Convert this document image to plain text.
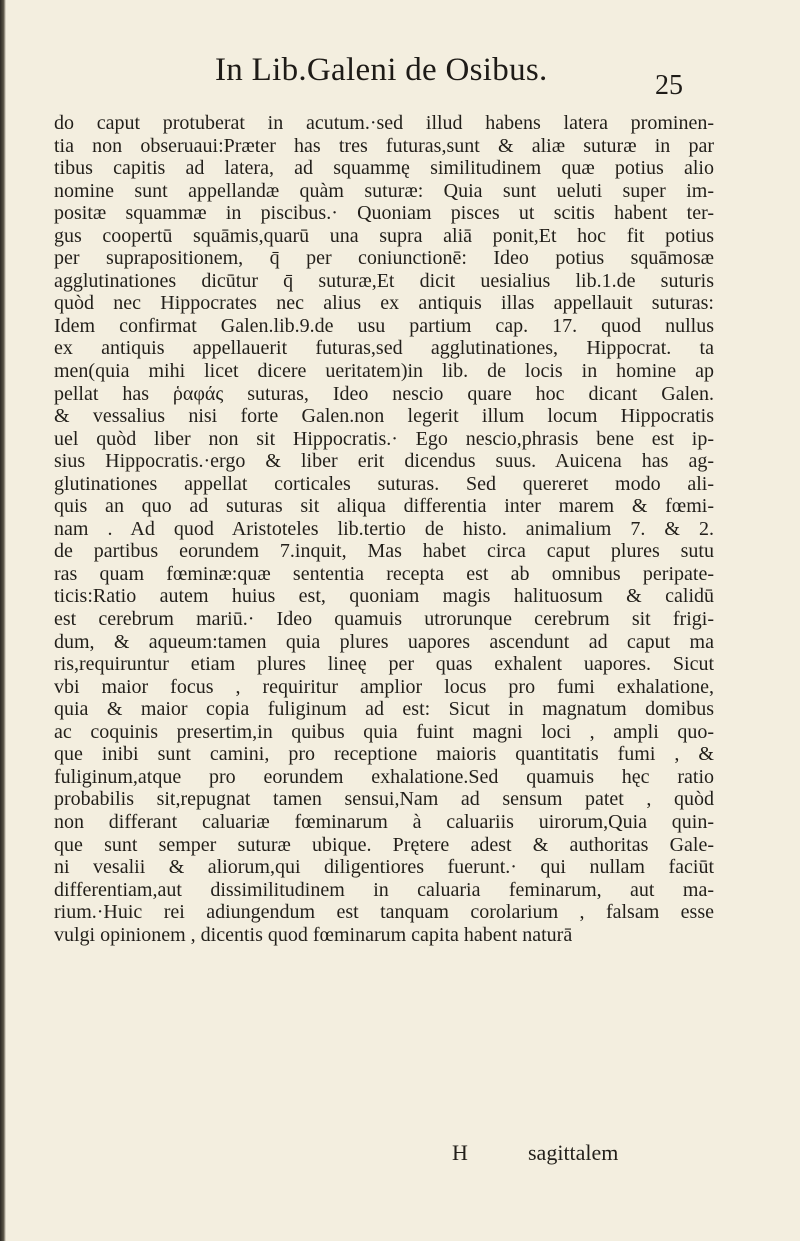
In Lib.Galeni de Osibus.	25
do caput protuberat in acutum.·sed illud habens latera prominen-
tia non obseruaui:Præter has tres futuras,sunt & aliæ suturæ in par
tibus capitis ad latera, ad squammę similitudinem quæ potius alio
nomine sunt appellandæ quàm suturæ: Quia sunt ueluti super im-
positæ squammæ in piscibus.· Quoniam pisces ut scitis habent ter-
gus coopertū squāmis,quarū una supra aliā ponit,Et hoc fit potius
per suprapositionem, q̄ per coniunctionē: Ideo potius squāmosæ
agglutinationes dicūtur q̄ suturæ,Et dicit uesialius lib.1.de suturis
quòd nec Hippocrates nec alius ex antiquis illas appellauit suturas:
Idem confirmat Galen.lib.9.de usu partium cap. 17. quod nullus
ex antiquis appellauerit futuras,sed agglutinationes, Hippocrat. ta
men(quia mihi licet dicere ueritatem)in lib. de locis in homine ap
pellat has ῥαφάς suturas, Ideo nescio quare hoc dicant Galen.
& vessalius nisi forte Galen.non legerit illum locum Hippocratis
uel quòd liber non sit Hippocratis.· Ego nescio,phrasis bene est ip-
sius Hippocratis.·ergo & liber erit dicendus suus. Auicena has ag-
glutinationes appellat corticales suturas. Sed quereret modo ali-
quis an quo ad suturas sit aliqua differentia inter marem & fœmi-
nam . Ad quod Aristoteles lib.tertio de histo. animalium 7. & 2.
de partibus eorundem 7.inquit, Mas habet circa caput plures sutu
ras quam fœminæ:quæ sententia recepta est ab omnibus peripate-
ticis:Ratio autem huius est, quoniam magis halituosum & calidū
est cerebrum mariū.· Ideo quamuis utrorunque cerebrum sit frigi-
dum, & aqueum:tamen quia plures uapores ascendunt ad caput ma
ris,requiruntur etiam plures lineę per quas exhalent uapores. Sicut
vbi maior focus , requiritur amplior locus pro fumi exhalatione,
quia & maior copia fuliginum ad est: Sicut in magnatum domibus
ac coquinis presertim,in quibus quia fuint magni loci , ampli quo-
que inibi sunt camini, pro receptione maioris quantitatis fumi , &
fuliginum,atque pro eorundem exhalatione.Sed quamuis hęc ratio
probabilis sit,repugnat tamen sensui,Nam ad sensum patet , quòd
non differant caluariæ fœminarum à caluariis uirorum,Quia quin-
que sunt semper suturæ ubique. Prętere adest & authoritas Gale-
ni vesalii & aliorum,qui diligentiores fuerunt.· qui nullam faciūt
differentiam,aut dissimilitudinem in caluaria feminarum, aut ma-
rium.·Huic rei adiungendum est tanquam corolarium , falsam esse
vulgi opinionem , dicentis quod fœminarum capita habent naturā
H	sagittalem
